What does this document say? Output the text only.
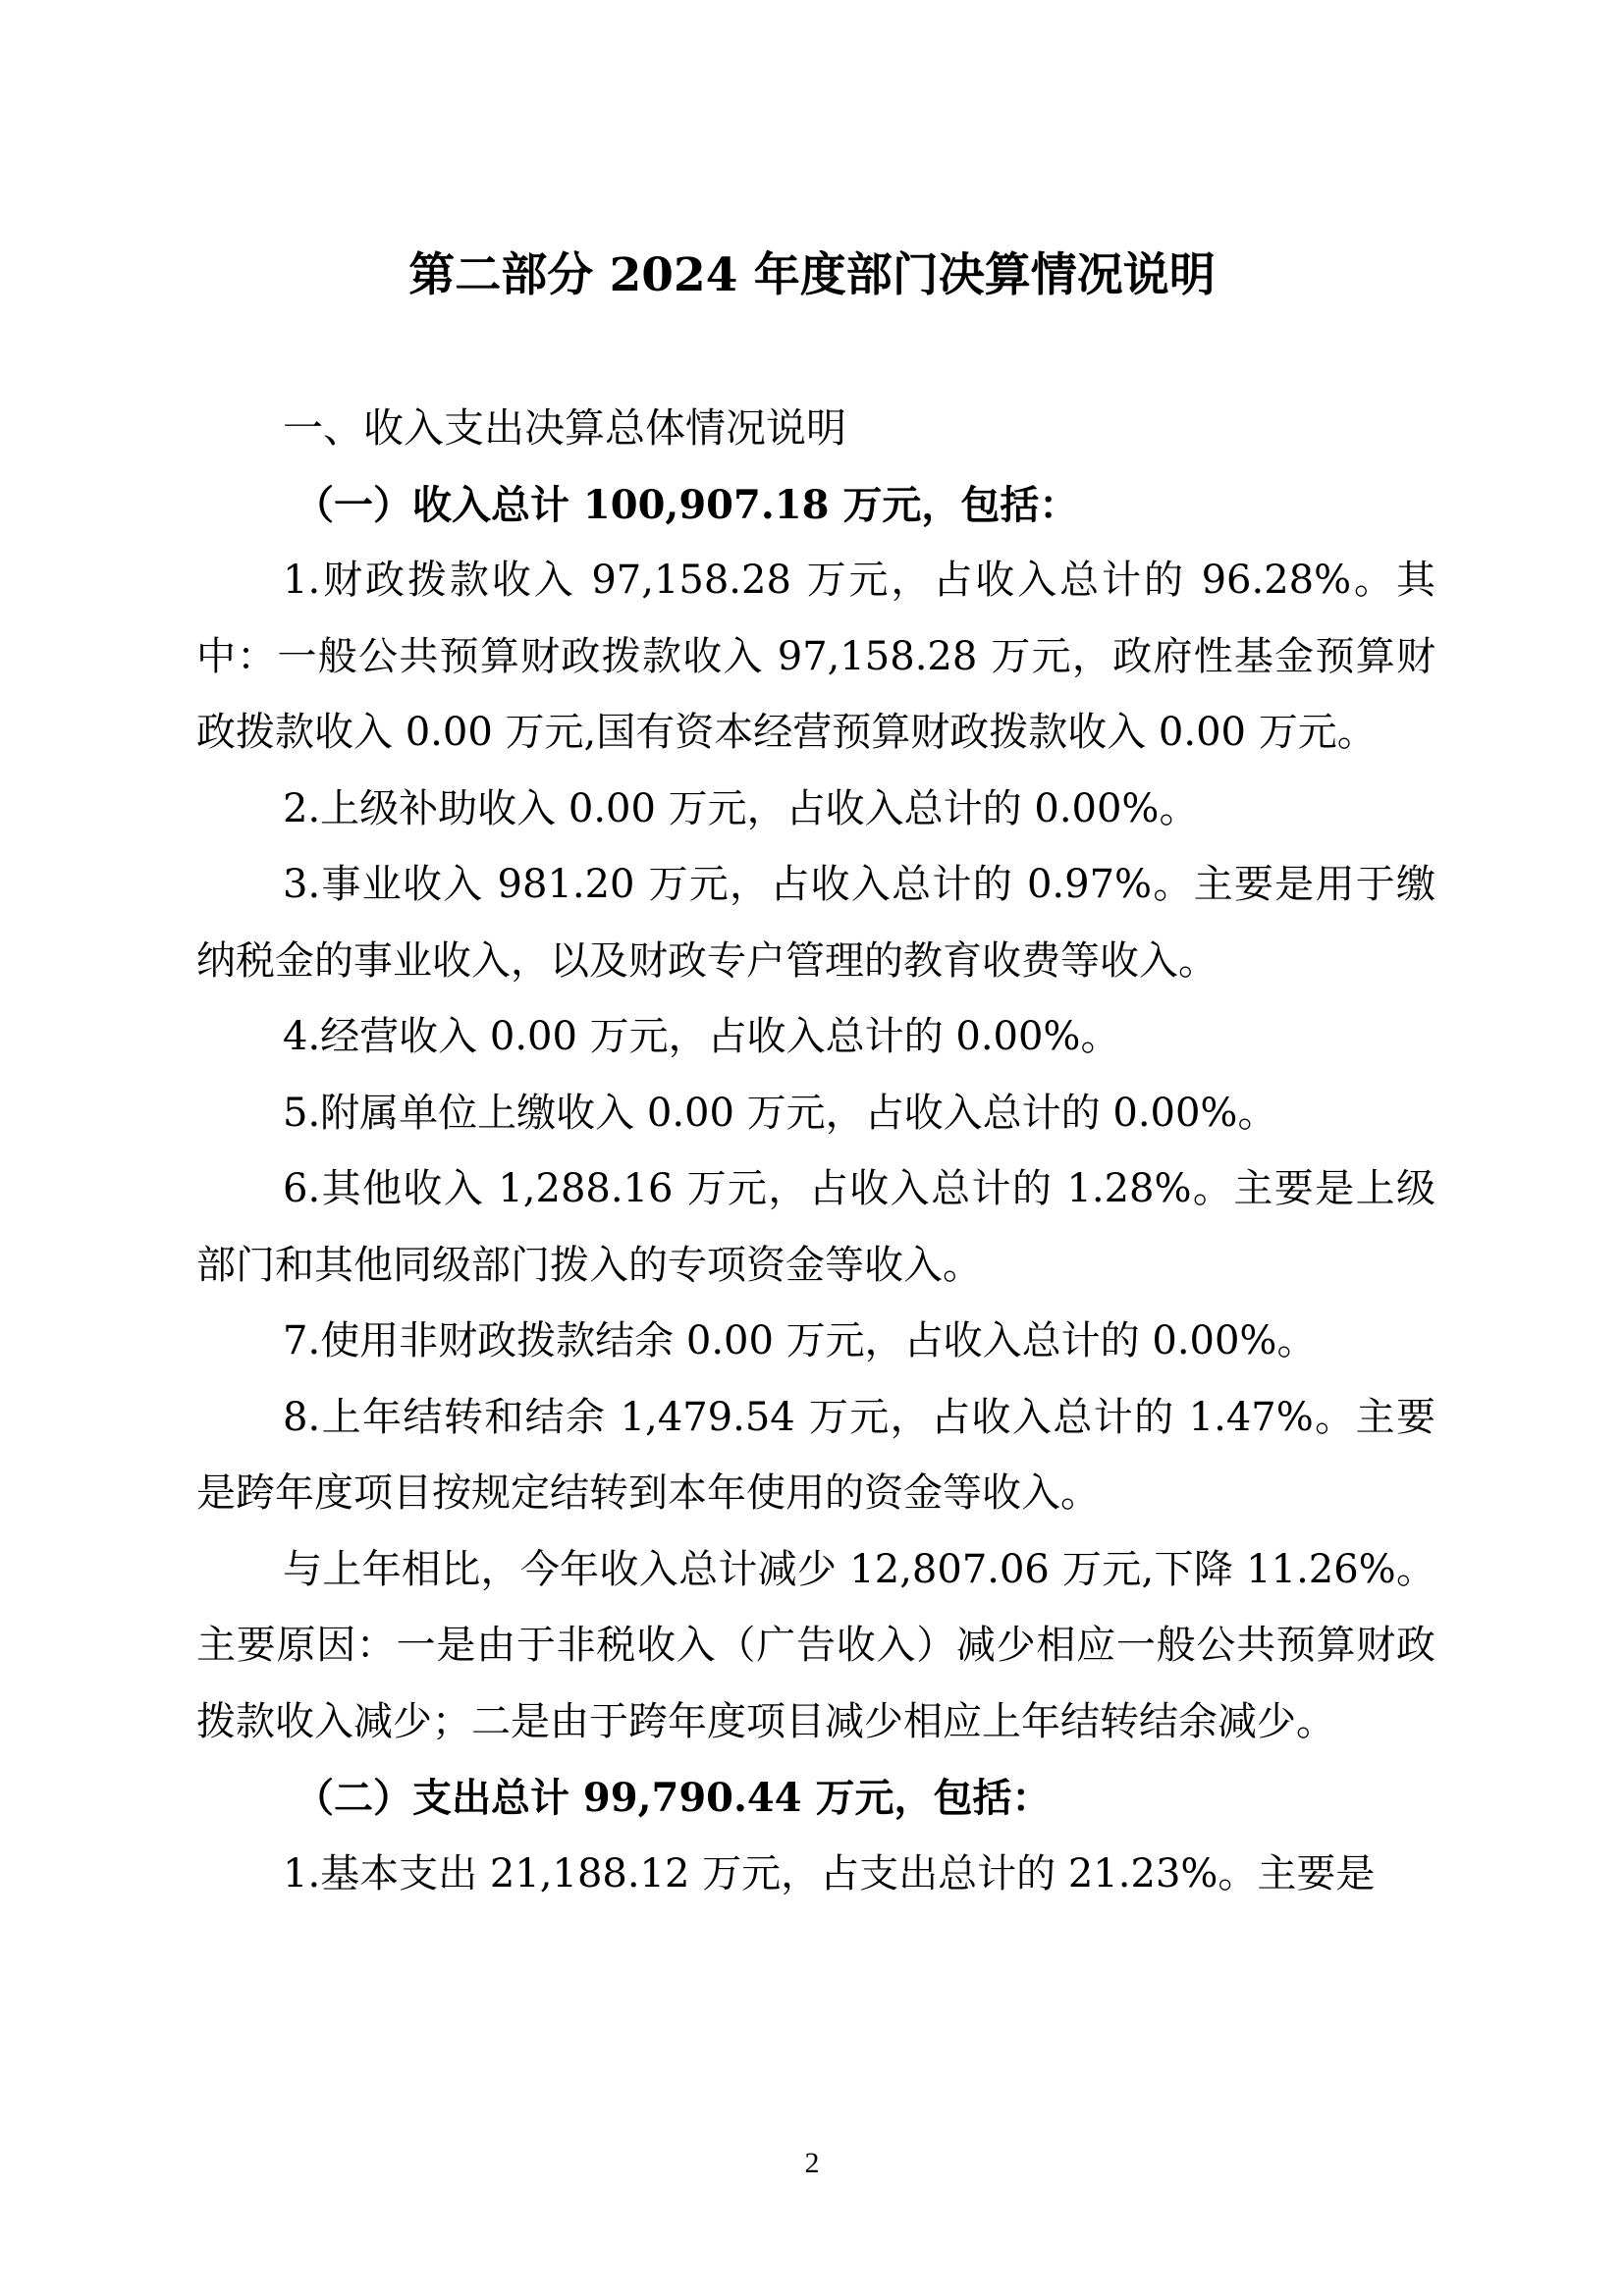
第二部分 2024 年度部门决算情况说明

一、收入支出决算总体情况说明

（一）收入总计 100,907.18 万元，包括：

1.财政拨款收入 97,158.28 万元，占收入总计的 96.28%。其中：一般公共预算财政拨款收入 97,158.28 万元，政府性基金预算财政拨款收入 0.00 万元,国有资本经营预算财政拨款收入 0.00 万元。

2.上级补助收入 0.00 万元，占收入总计的 0.00%。

3.事业收入 981.20 万元，占收入总计的 0.97%。主要是用于缴纳税金的事业收入，以及财政专户管理的教育收费等收入。

4.经营收入 0.00 万元，占收入总计的 0.00%。

5.附属单位上缴收入 0.00 万元，占收入总计的 0.00%。

6.其他收入 1,288.16 万元，占收入总计的 1.28%。主要是上级部门和其他同级部门拨入的专项资金等收入。

7.使用非财政拨款结余 0.00 万元，占收入总计的 0.00%。

8.上年结转和结余 1,479.54 万元，占收入总计的 1.47%。主要是跨年度项目按规定结转到本年使用的资金等收入。

与上年相比，今年收入总计减少 12,807.06 万元,下降 11.26%。主要原因：一是由于非税收入（广告收入）减少相应一般公共预算财政拨款收入减少；二是由于跨年度项目减少相应上年结转结余减少。

（二）支出总计 99,790.44 万元，包括：

1.基本支出 21,188.12 万元，占支出总计的 21.23%。主要是

2
